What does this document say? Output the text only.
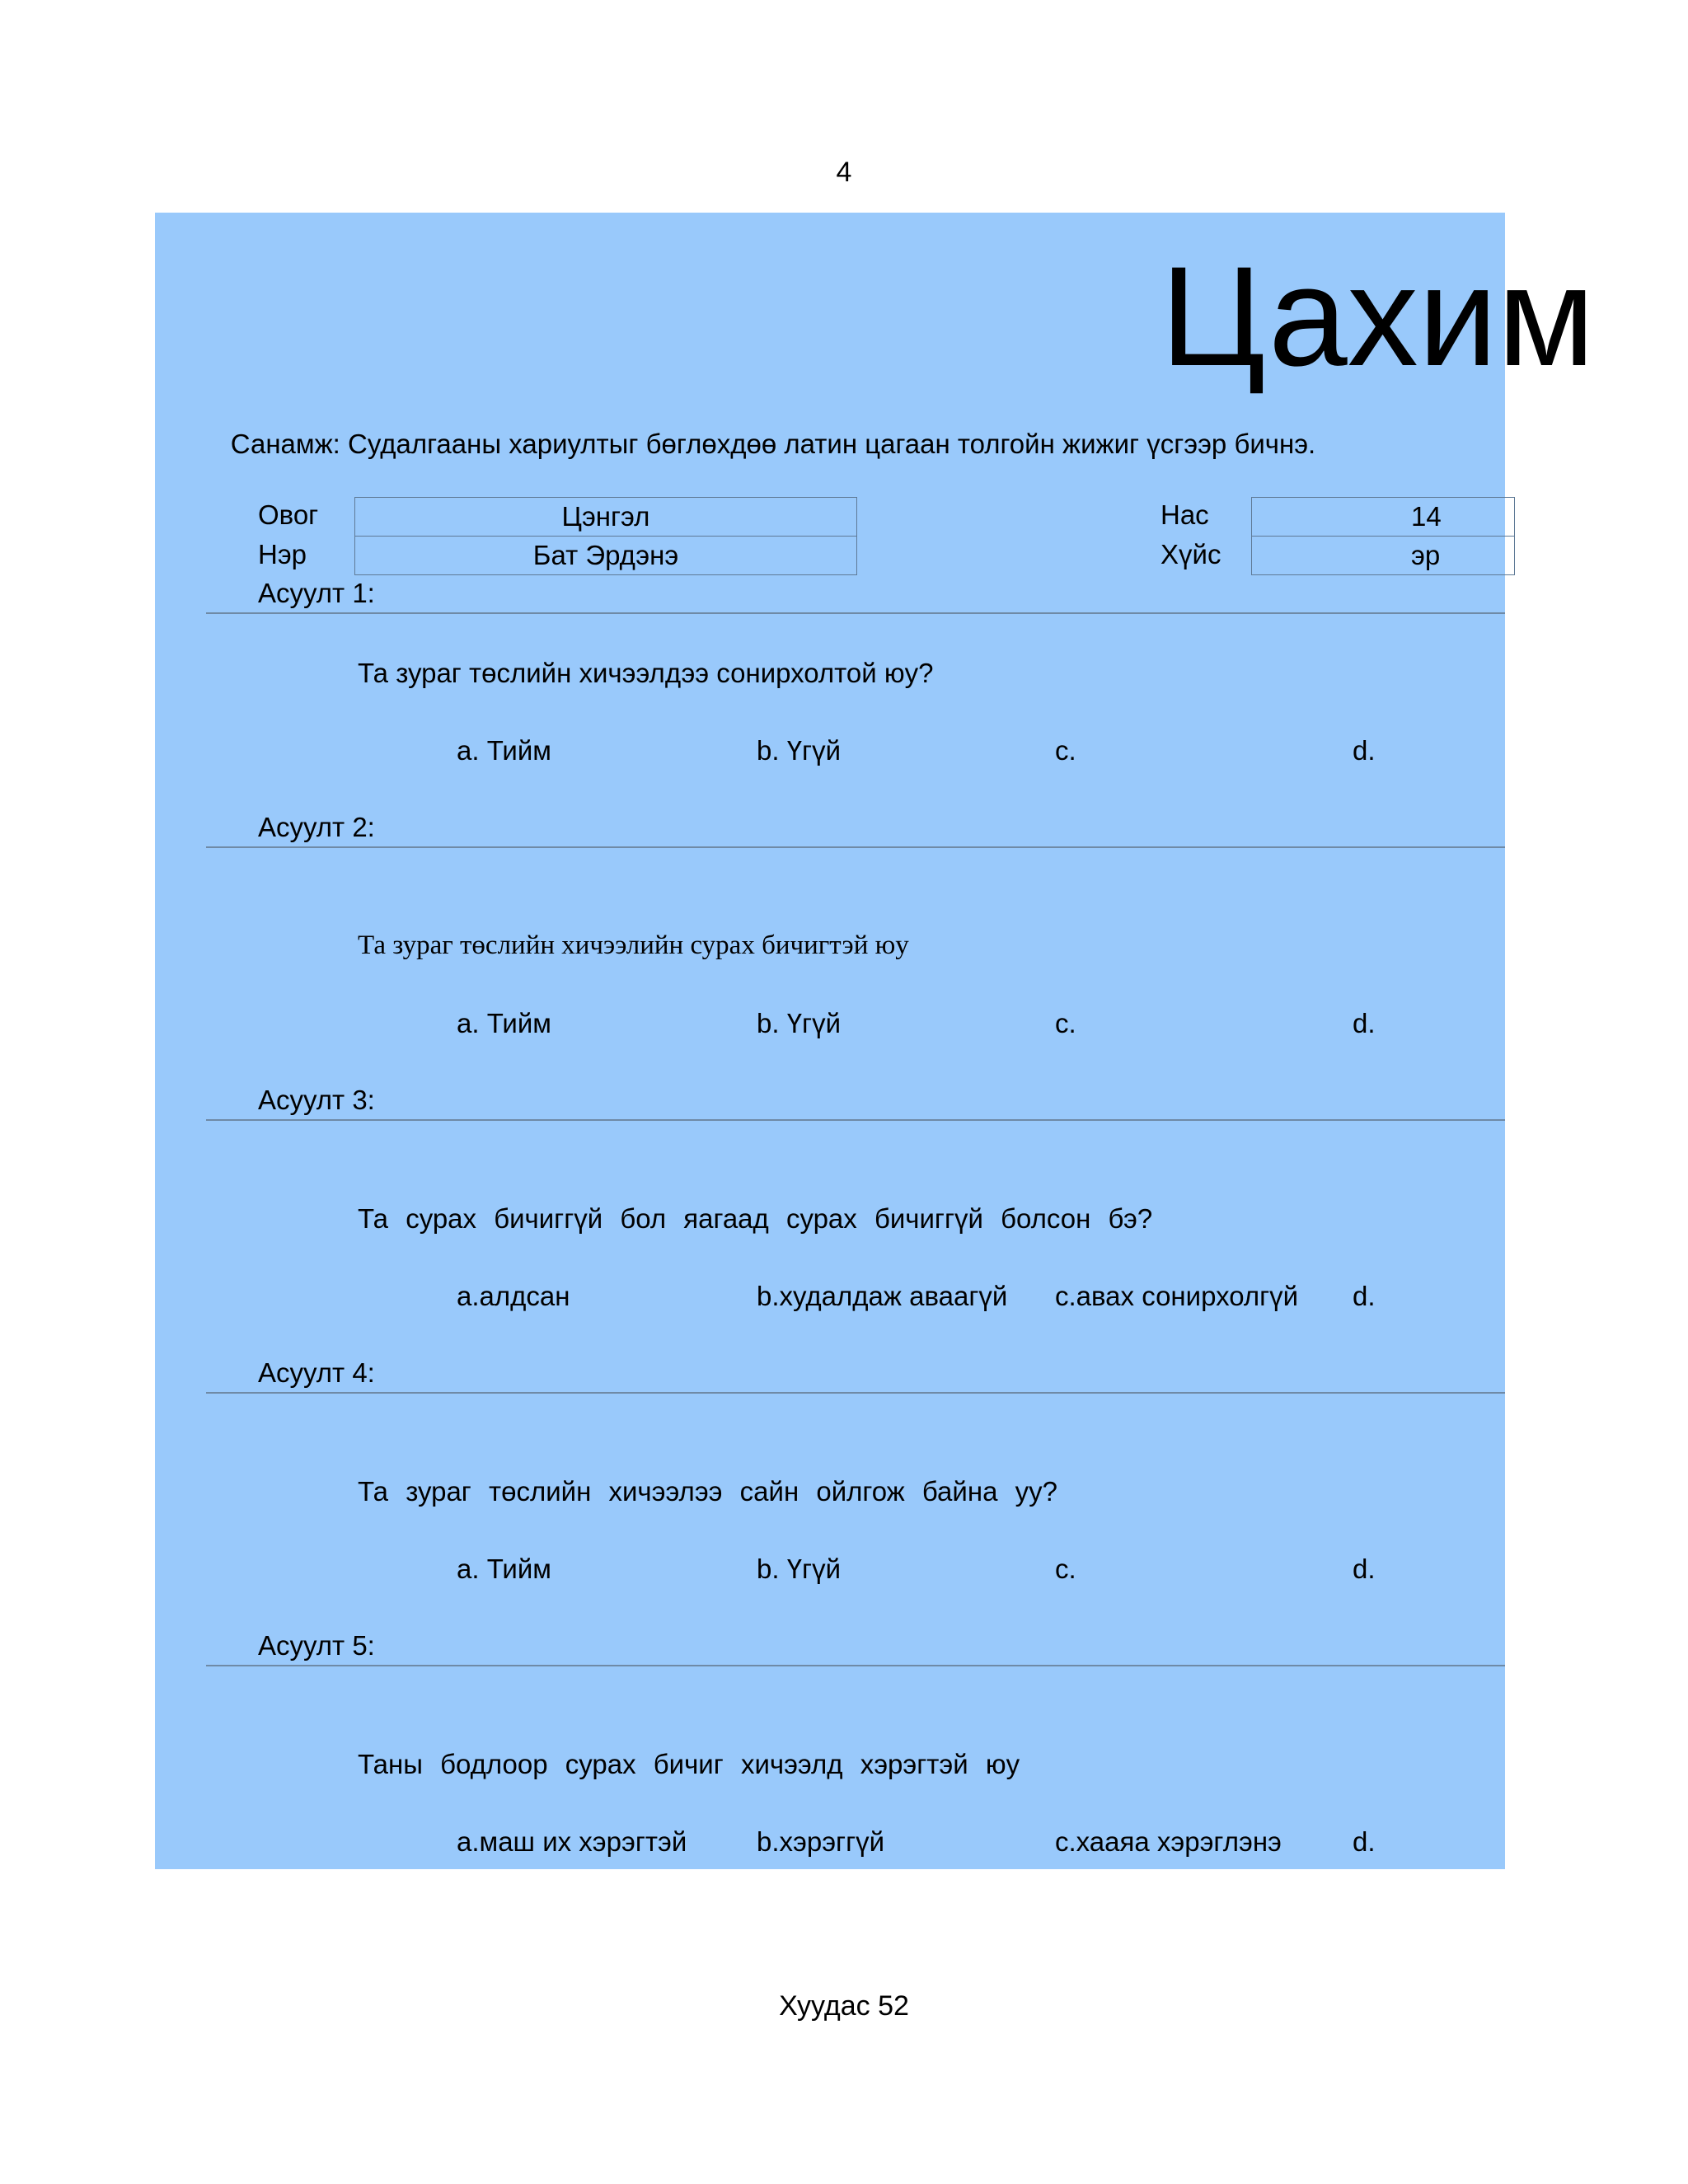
4
Цахим
Санамж: Судалгааны хариултыг бөглөхдөө латин цагаан толгойн жижиг үсгээр бичнэ.
Овог	Цэнгэл
Нэр	Бат Эрдэнэ
Нас	14
Хүйс	эр
Асуулт 1:
Та зураг төслийн хичээлдээ сонирхолтой юу?
a. Тийм	b. Үгүй	c.	d.
Асуулт 2:
Та зураг төслийн хичээлийн сурах бичигтэй юу
a. Тийм	b. Үгүй	c.	d.
Асуулт 3:
Та сурах бичиггүй бол яагаад сурах бичиггүй болсон бэ?
a.алдсан	b.худалдаж аваагүй c.авах сонирхолгүй d.
Асуулт 4:
Та зураг төслийн хичээлээ сайн ойлгож байна уу?
a. Тийм	b. Үгүй	c.	d.
Асуулт 5:
Таны бодлоор сурах бичиг хичээлд хэрэгтэй юу
a.маш их хэрэгтэй	b.хэрэггүй	c.хааяа хэрэглэнэ	d.
Хуудас 52
